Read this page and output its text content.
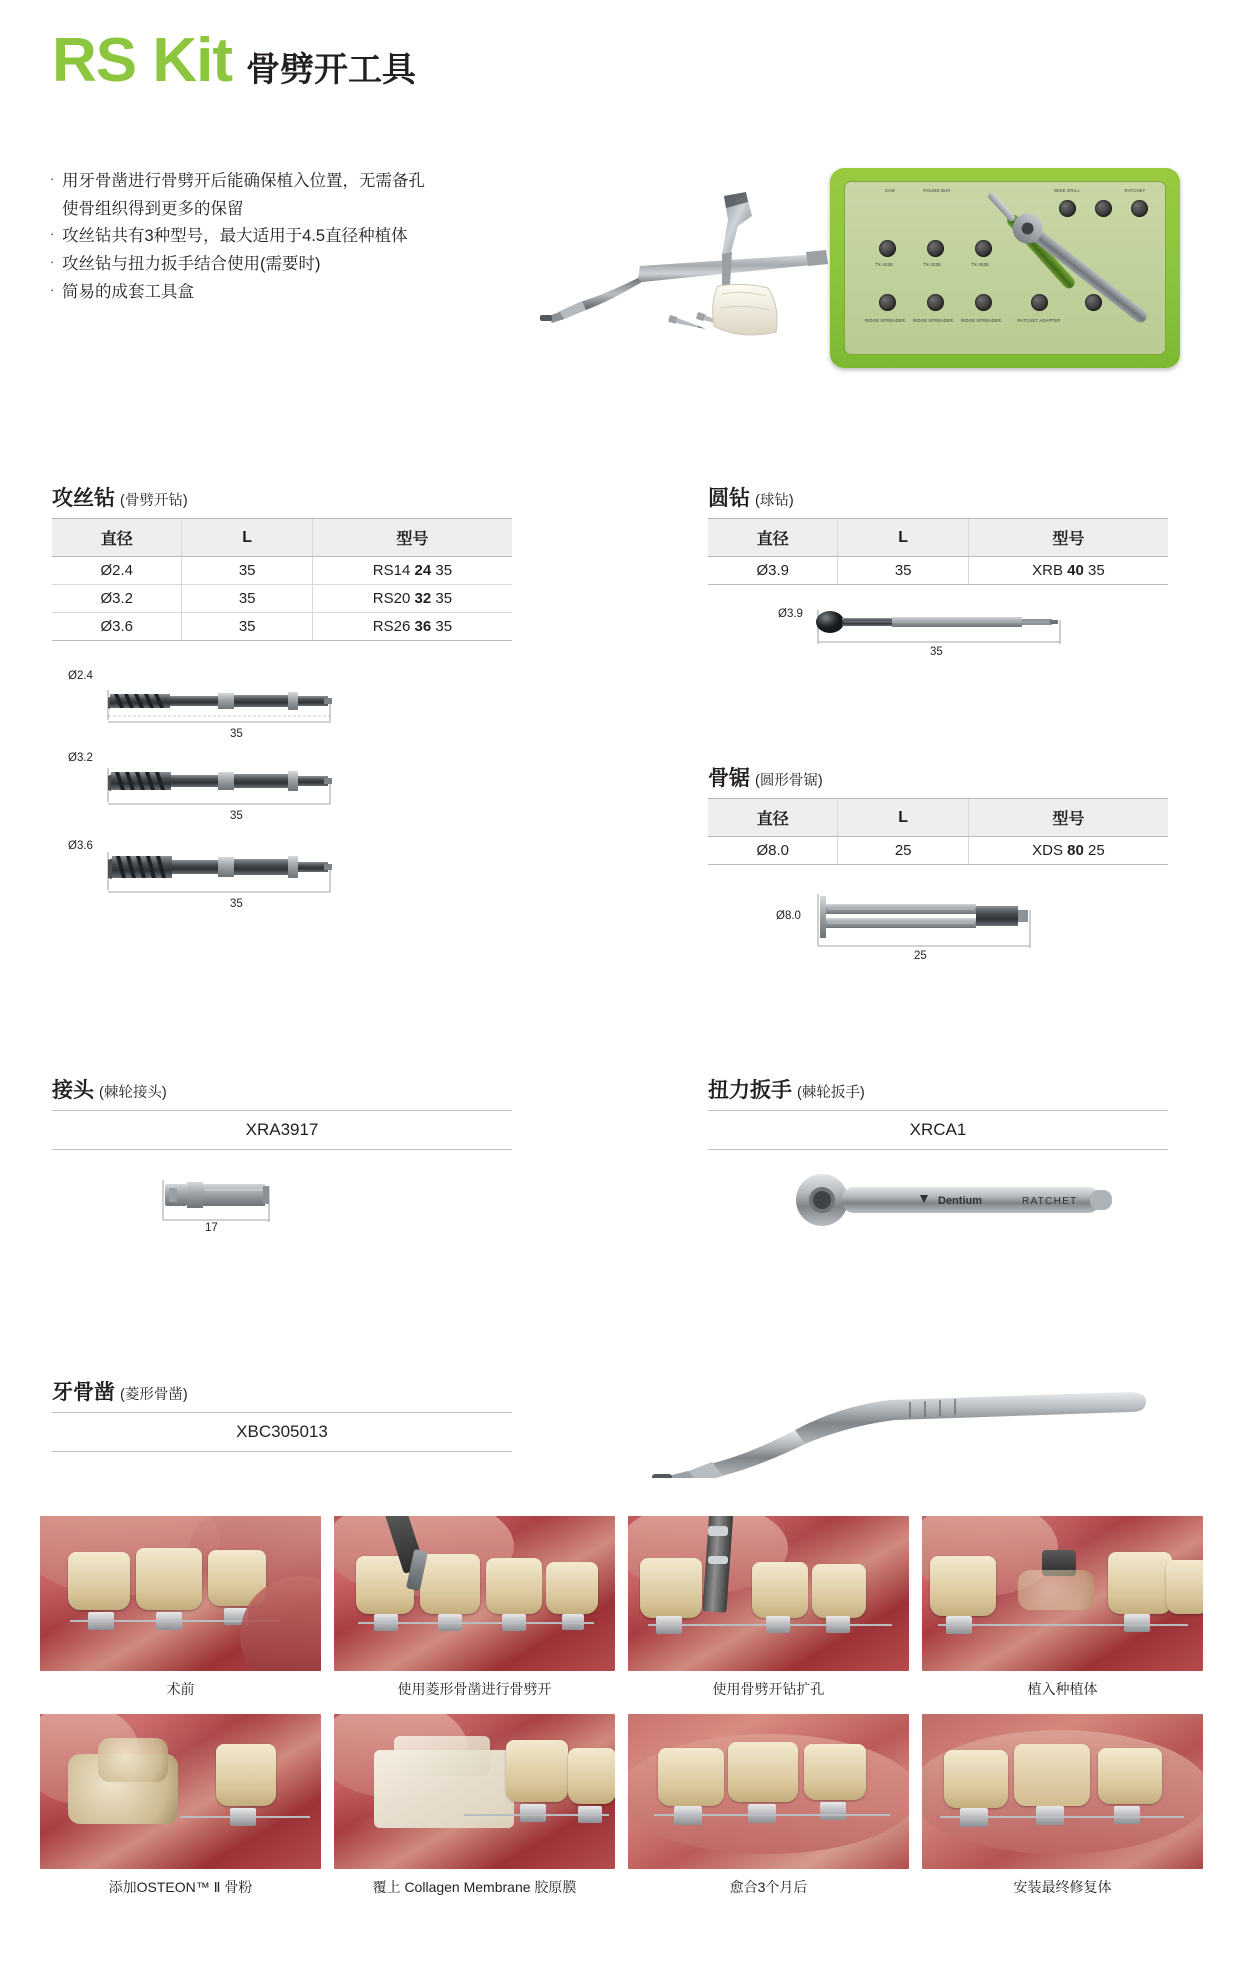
RS Kit 骨劈开工具
· 用牙骨凿进行骨劈开后能确保植入位置，无需备孔
使骨组织得到更多的保留
· 攻丝钻共有3种型号，最大适用于4.5直径种植体
· 攻丝钻与扭力扳手结合使用(需要时)
· 简易的成套工具盒
SAW	ROUND BUR	WIDE DRILL	RATCHET
TX-2435	TX-3235	TX-3635
RIDGE SPREADER	RIDGE SPREADER	RIDGE SPREADER	RATCHET ADAPTER
攻丝钻 (骨劈开钻)
直径	L	型号
Ø2.4	35	RS14 24 35
Ø3.2	35	RS20 32 35
Ø3.6	35	RS26 36 35
Ø2.4
35
Ø3.2
35
Ø3.6
35
圆钻 (球钻)
直径	L	型号
Ø3.9	35	XRB 40 35
Ø3.9
35
骨锯 (圆形骨锯)
直径	L	型号
Ø8.0	25	XDS 80 25
Ø8.0
25
接头 (棘轮接头)
XRA3917
17
扭力扳手 (棘轮扳手)
XRCA1
Dentium	RATCHET
牙骨凿 (菱形骨凿)
XBC305013
术前	使用菱形骨凿进行骨劈开	使用骨劈开钻扩孔	植入种植体
添加OSTEON™ Ⅱ 骨粉	覆上 Collagen Membrane 胶原膜	愈合3个月后	安装最终修复体
